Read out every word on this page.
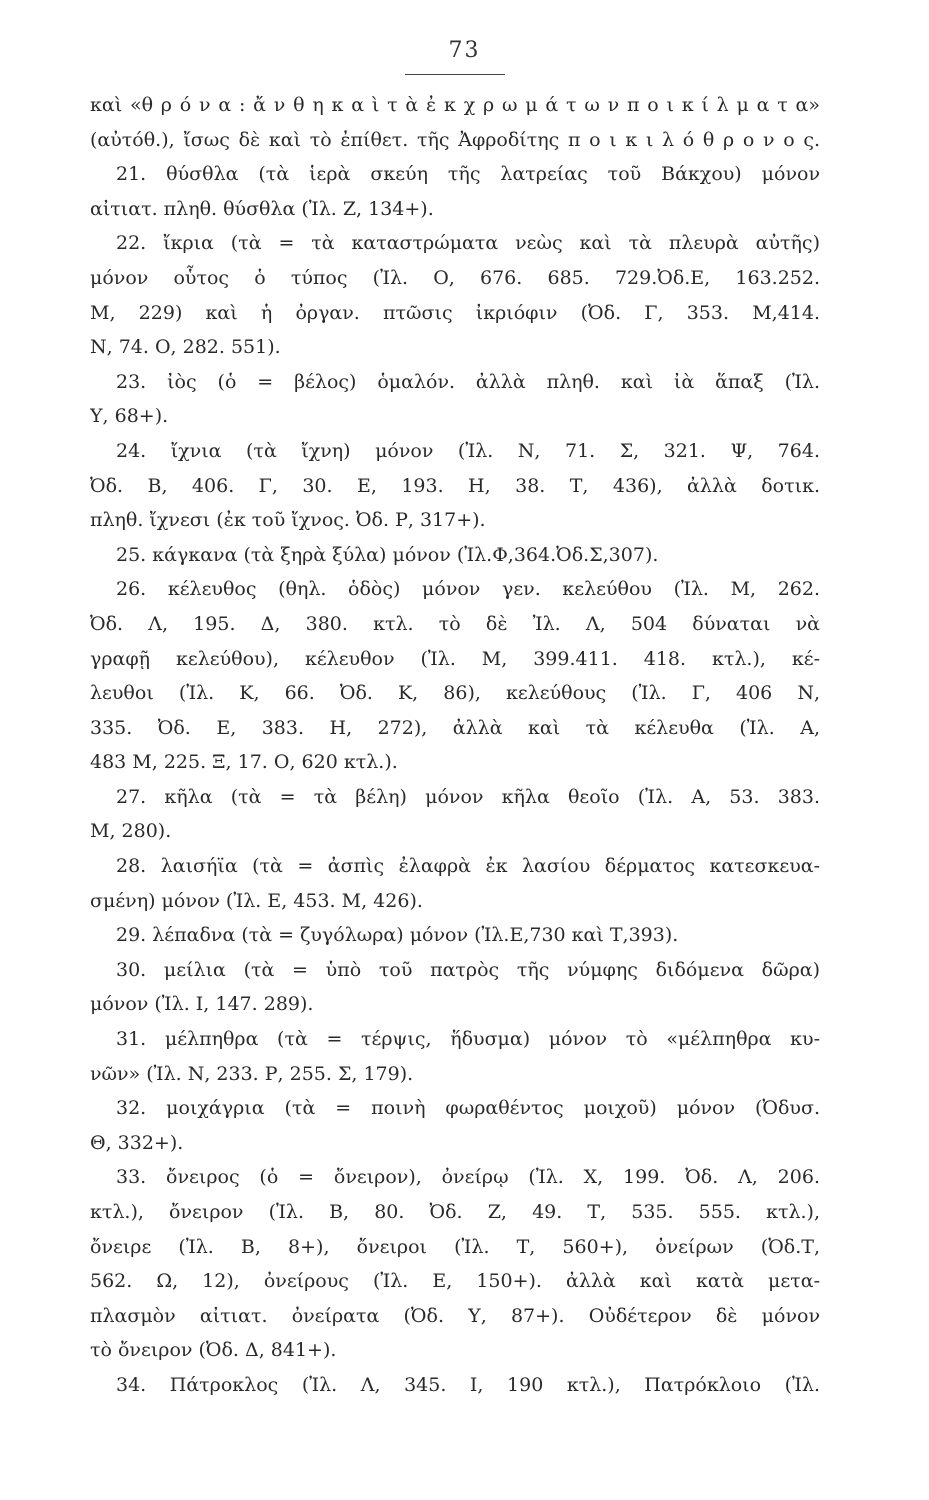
73
καὶ «θ ρ ό ν α : ἄ ν θ η κ α ὶ τ ὰ ἐ κ χ ρ ω μ ά τ ω ν π ο ι κ ί λ μ α τ α»
(αὐτόθ.), ἴσως δὲ καὶ τὸ ἐπίθετ. τῆς Ἀφροδίτης π ο ι κ ι λ ό θ ρ ο ν ο ς.
21. θύσθλα (τὰ ἱερὰ σκεύη τῆς λατρείας τοῦ Βάκχου) μόνον
αἰτιατ. πληθ. θύσθλα (Ἰλ. Ζ, 134+).
22. ἴκρια (τὰ = τὰ καταστρώματα νεὼς καὶ τὰ πλευρὰ αὐτῆς)
μόνον οὗτος ὁ τύπος (Ἰλ. Ο, 676. 685. 729.Ὀδ.Ε, 163.252.
Μ, 229) καὶ ἡ ὀργαν. πτῶσις ἰκριόφιν (Ὀδ. Γ, 353. Μ,414.
Ν, 74. Ο, 282. 551).
23. ἰὸς (ὁ = βέλος) ὁμαλόν. ἀλλὰ πληθ. καὶ ἰὰ ἅπαξ (Ἰλ.
Υ, 68+).
24. ἴχνια (τὰ ἴχνη) μόνον (Ἰλ. Ν, 71. Σ, 321. Ψ, 764.
Ὀδ. Β, 406. Γ, 30. Ε, 193. Η, 38. Τ, 436), ἀλλὰ δοτικ.
πληθ. ἴχνεσι (ἐκ τοῦ ἴχνος. Ὀδ. Ρ, 317+).
25. κάγκανα (τὰ ξηρὰ ξύλα) μόνον (Ἰλ.Φ,364.Ὀδ.Σ,307).
26. κέλευθος (θηλ. ὁδὸς) μόνον γεν. κελεύθου (Ἰλ. Μ, 262.
Ὀδ. Λ, 195. Δ, 380. κτλ. τὸ δὲ Ἰλ. Λ, 504 δύναται νὰ
γραφῇ κελεύθου), κέλευθον (Ἰλ. Μ, 399.411. 418. κτλ.), κέ-
λευθοι (Ἰλ. Κ, 66. Ὀδ. Κ, 86), κελεύθους (Ἰλ. Γ, 406 Ν,
335. Ὀδ. Ε, 383. Η, 272), ἀλλὰ καὶ τὰ κέλευθα (Ἰλ. Α,
483 Μ, 225. Ξ, 17. Ο, 620 κτλ.).
27. κῆλα (τὰ = τὰ βέλη) μόνον κῆλα θεοῖο (Ἰλ. Α, 53. 383.
Μ, 280).
28. λαισήϊα (τὰ = ἀσπὶς ἐλαφρὰ ἐκ λασίου δέρματος κατεσκευα-
σμένη) μόνον (Ἰλ. Ε, 453. Μ, 426).
29. λέπαδνα (τὰ = ζυγόλωρα) μόνον (Ἰλ.Ε,730 καὶ Τ,393).
30. μείλια (τὰ = ὑπὸ τοῦ πατρὸς τῆς νύμφης διδόμενα δῶρα)
μόνον (Ἰλ. Ι, 147. 289).
31. μέλπηθρα (τὰ = τέρψις, ἥδυσμα) μόνον τὸ «μέλπηθρα κυ-
νῶν» (Ἰλ. Ν, 233. Ρ, 255. Σ, 179).
32. μοιχάγρια (τὰ = ποινὴ φωραθέντος μοιχοῦ) μόνον (Ὀδυσ.
Θ, 332+).
33. ὄνειρος (ὁ = ὄνειρον), ὀνείρῳ (Ἰλ. Χ, 199. Ὀδ. Λ, 206.
κτλ.), ὄνειρον (Ἰλ. Β, 80. Ὀδ. Ζ, 49. Τ, 535. 555. κτλ.),
ὄνειρε (Ἰλ. Β, 8+), ὄνειροι (Ἰλ. Τ, 560+), ὀνείρων (Ὀδ.Τ,
562. Ω, 12), ὀνείρους (Ἰλ. Ε, 150+). ἀλλὰ καὶ κατὰ μετα-
πλασμὸν αἰτιατ. ὀνείρατα (Ὀδ. Υ, 87+). Οὐδέτερον δὲ μόνον
τὸ ὄνειρον (Ὀδ. Δ, 841+).
34. Πάτροκλος (Ἰλ. Λ, 345. Ι, 190 κτλ.), Πατρόκλοιο (Ἰλ.
